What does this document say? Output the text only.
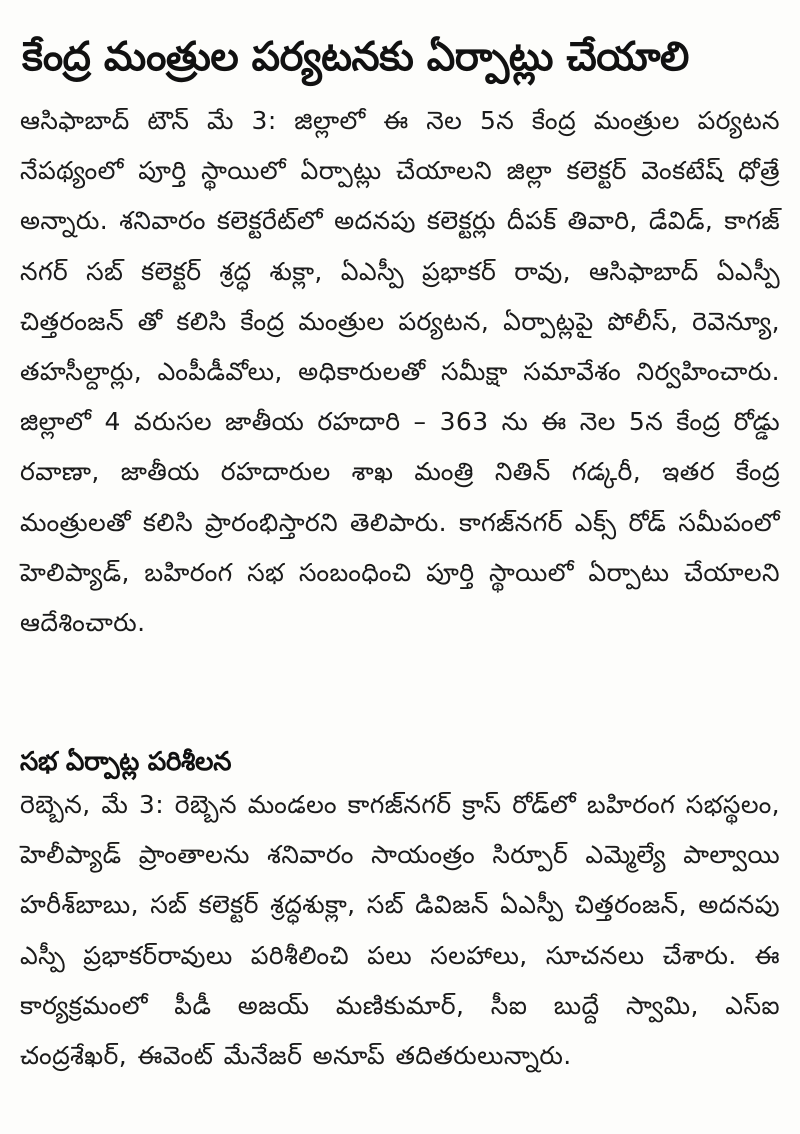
కేంద్ర మంత్రుల పర్యటనకు ఏర్పాట్లు చేయాలి
ఆసిఫాబాద్ టౌన్ మే 3: జిల్లాలో ఈ నెల 5న కేంద్ర మంత్రుల పర్యటన నేపథ్యంలో పూర్తి స్థాయిలో ఏర్పాట్లు చేయాలని జిల్లా కలెక్టర్ వెంకటేష్ ధోత్రే అన్నారు. శనివారం కలెక్టరేట్‌లో అదనపు కలెక్టర్లు దీపక్ తివారి, డేవిడ్, కాగజ్ నగర్ సబ్ కలెక్టర్ శ్రద్ధ శుక్లా, ఏఎస్పీ ప్రభాకర్ రావు, ఆసిఫాబాద్ ఏఎస్పీ చిత్తరంజన్ తో కలిసి కేంద్ర మంత్రుల పర్యటన, ఏర్పాట్లపై పోలీస్, రెవెన్యూ, తహసీల్దార్లు, ఎంపీడీవోలు, అధికారులతో సమీక్షా సమావేశం నిర్వహించారు. జిల్లాలో 4 వరుసల జాతీయ రహదారి – 363 ను ఈ నెల 5న కేంద్ర రోడ్డు రవాణా, జాతీయ రహదారుల శాఖ మంత్రి నితిన్ గడ్కరీ, ఇతర కేంద్ర మంత్రులతో కలిసి ప్రారంభిస్తారని తెలిపారు. కాగజ్‌నగర్ ఎక్స్ రోడ్ సమీపంలో హెలిప్యాడ్, బహిరంగ సభ సంబంధించి పూర్తి స్థాయిలో ఏర్పాటు చేయాలని ఆదేశించారు.
సభ ఏర్పాట్ల పరిశీలన
రెబ్బెన, మే 3: రెబ్బెన మండలం కాగజ్‌నగర్ క్రాస్ రోడ్‌లో బహిరంగ సభస్థలం, హెలీప్యాడ్ ప్రాంతాలను శనివారం సాయంత్రం సిర్పూర్ ఎమ్మెల్యే పాల్వాయి హరీశ్‌బాబు, సబ్ కలెక్టర్ శ్రద్ధశుక్లా, సబ్ డివిజన్ ఏఎస్పీ చిత్తరంజన్, అదనపు ఎస్పీ ప్రభాకర్‌రావులు పరిశీలించి పలు సలహాలు, సూచనలు చేశారు. ఈ కార్యక్రమంలో పీడీ అజయ్ మణికుమార్, సీఐ బుద్దే స్వామి, ఎస్ఐ చంద్రశేఖర్, ఈవెంట్ మేనేజర్ అనూప్ తదితరులున్నారు.
